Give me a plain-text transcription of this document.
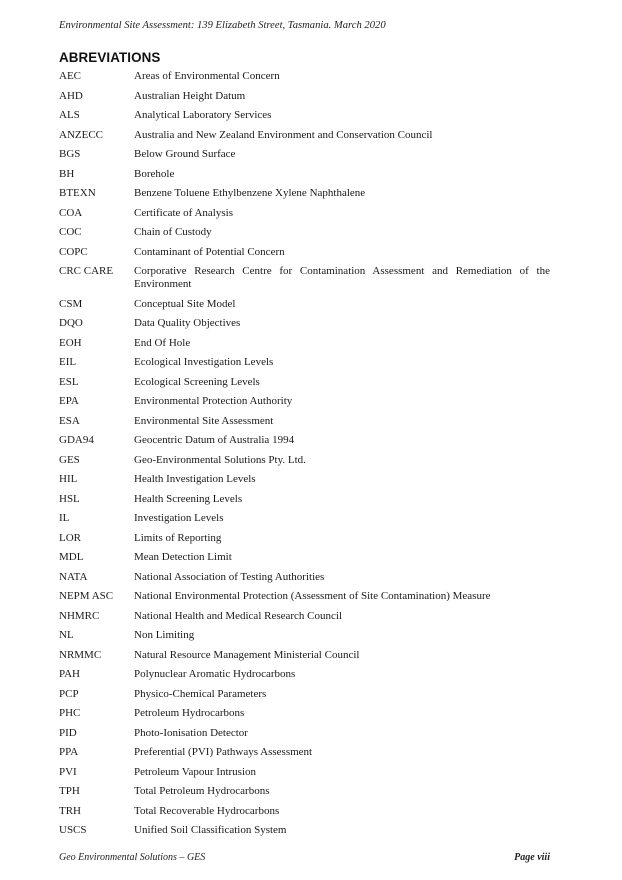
Environmental Site Assessment: 139 Elizabeth Street, Tasmania. March 2020
ABREVIATIONS
AEC	Areas of Environmental Concern
AHD	Australian Height Datum
ALS	Analytical Laboratory Services
ANZECC	Australia and New Zealand Environment and Conservation Council
BGS	Below Ground Surface
BH	Borehole
BTEXN	Benzene Toluene Ethylbenzene Xylene Naphthalene
COA	Certificate of Analysis
COC	Chain of Custody
COPC	Contaminant of Potential Concern
CRC CARE	Corporative Research Centre for Contamination Assessment and Remediation of the Environment
CSM	Conceptual Site Model
DQO	Data Quality Objectives
EOH	End Of Hole
EIL	Ecological Investigation Levels
ESL	Ecological Screening Levels
EPA	Environmental Protection Authority
ESA	Environmental Site Assessment
GDA94	Geocentric Datum of Australia 1994
GES	Geo-Environmental Solutions Pty. Ltd.
HIL	Health Investigation Levels
HSL	Health Screening Levels
IL	Investigation Levels
LOR	Limits of Reporting
MDL	Mean Detection Limit
NATA	National Association of Testing Authorities
NEPM ASC	National Environmental Protection (Assessment of Site Contamination) Measure
NHMRC	National Health and Medical Research Council
NL	Non Limiting
NRMMC	Natural Resource Management Ministerial Council
PAH	Polynuclear Aromatic Hydrocarbons
PCP	Physico-Chemical Parameters
PHC	Petroleum Hydrocarbons
PID	Photo-Ionisation Detector
PPA	Preferential (PVI) Pathways Assessment
PVI	Petroleum Vapour Intrusion
TPH	Total Petroleum Hydrocarbons
TRH	Total Recoverable Hydrocarbons
USCS	Unified Soil Classification System
Geo Environmental Solutions – GES	Page viii
